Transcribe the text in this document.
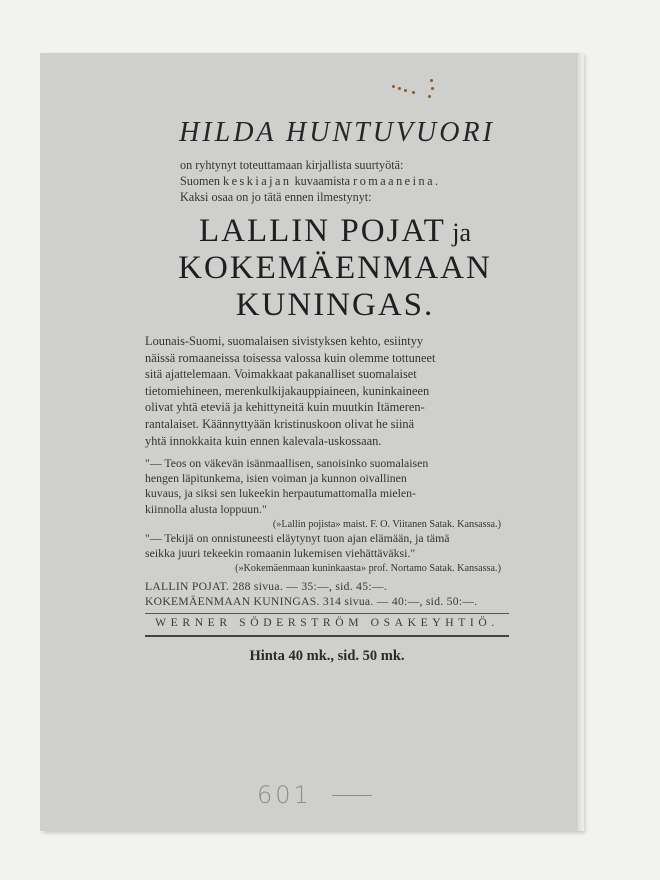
HILDA HUNTUVUORI
on ryhtynyt toteuttamaan kirjallista suurtyötä:
Suomen keskiajan kuvaamista romaaneina.
Kaksi osaa on jo tätä ennen ilmestynyt:
LALLIN POJAT ja
KOKEMÄENMAAN
KUNINGAS.
Lounais-Suomi, suomalaisen sivistyksen kehto, esiintyy
näissä romaaneissa toisessa valossa kuin olemme tottuneet
sitä ajattelemaan. Voimakkaat pakanalliset suomalaiset
tietomiehineen, merenkulkijakauppiaineen, kuninkaineen
olivat yhtä eteviä ja kehittyneitä kuin muutkin Itämeren-
rantalaiset. Käännyttyään kristinuskoon olivat he siinä
yhtä innokkaita kuin ennen kalevala-uskossaan.
"— Teos on väkevän isänmaallisen, sanoisinko suomalaisen
hengen läpitunkema, isien voiman ja kunnon oivallinen
kuvaus, ja siksi sen lukeekin herpautumattomalla mielen-
kiinnolla alusta loppuun."
(»Lallin pojista» maist. F. O. Viitanen Satak. Kansassa.)
"— Tekijä on onnistuneesti eläytynyt tuon ajan elämään, ja tämä
seikka juuri tekeekin romaanin lukemisen viehättäväksi."
(»Kokemäenmaan kuninkaasta» prof. Nortamo Satak. Kansassa.)
LALLIN POJAT. 288 sivua. — 35:—, sid. 45:—.
KOKEMÄENMAAN KUNINGAS. 314 sivua. — 40:—, sid. 50:—.
WERNER SÖDERSTRÖM OSAKEYHTIÖ.
Hinta 40 mk., sid. 50 mk.
601
